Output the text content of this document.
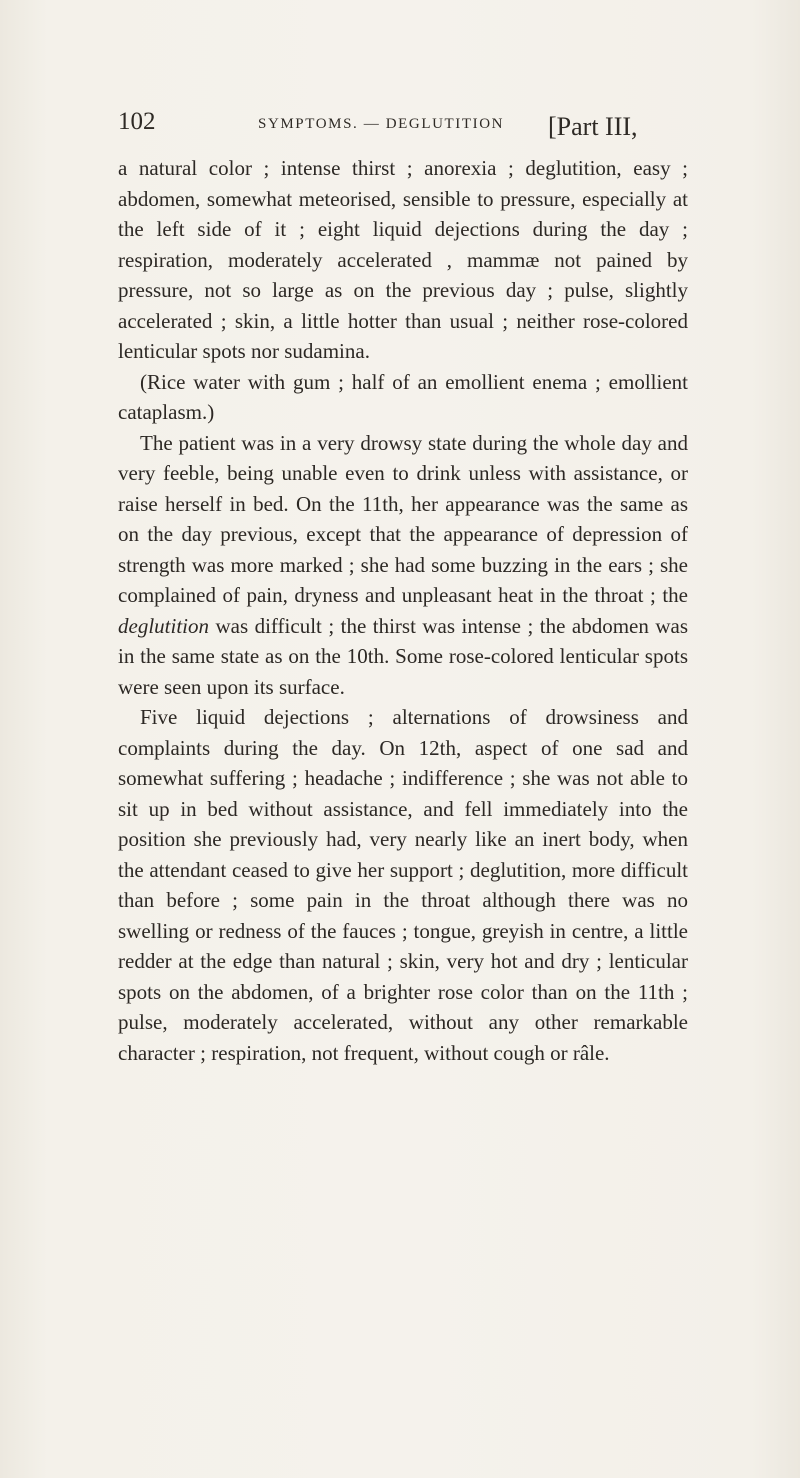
102	SYMPTOMS. — DEGLUTITION [Part III,

a natural color ; intense thirst ; anorexia ; deglutition, easy ; abdomen, somewhat meteorised, sensible to pressure, especially at the left side of it ; eight liquid dejections during the day ; respiration, moderately accelerated , mammæ not pained by pressure, not so large as on the previous day ; pulse, slightly accelerated ; skin, a little hotter than usual ; neither rose-colored lenticular spots nor sudamina.

(Rice water with gum ; half of an emollient enema ; emollient cataplasm.)

The patient was in a very drowsy state during the whole day and very feeble, being unable even to drink unless with assistance, or raise herself in bed. On the 11th, her appearance was the same as on the day previous, except that the appearance of depression of strength was more marked ; she had some buzzing in the ears ; she complained of pain, dryness and unpleasant heat in the throat ; the deglutition was difficult ; the thirst was intense ; the abdomen was in the same state as on the 10th. Some rose-colored lenticular spots were seen upon its surface.

Five liquid dejections ; alternations of drowsiness and complaints during the day. On 12th, aspect of one sad and somewhat suffering ; headache ; indifference ; she was not able to sit up in bed without assistance, and fell immediately into the position she previously had, very nearly like an inert body, when the attendant ceased to give her support ; deglutition, more difficult than before ; some pain in the throat although there was no swelling or redness of the fauces ; tongue, greyish in centre, a little redder at the edge than natural ; skin, very hot and dry ; lenticular spots on the abdomen, of a brighter rose color than on the 11th ; pulse, moderately accelerated, without any other remarkable character ; respiration, not frequent, without cough or râle.
